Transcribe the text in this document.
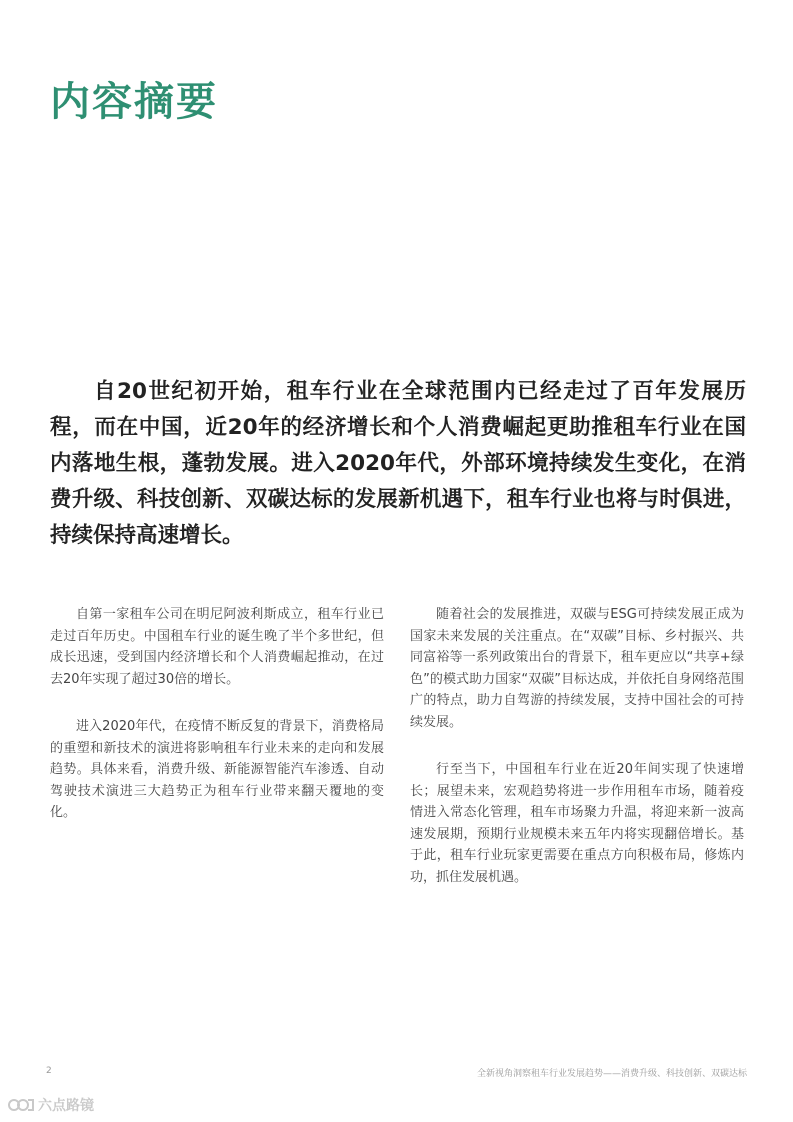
内容摘要

自20世纪初开始，租车行业在全球范围内已经走过了百年发展历程，而在中国，近20年的经济增长和个人消费崛起更助推租车行业在国内落地生根，蓬勃发展。进入2020年代，外部环境持续发生变化，在消费升级、科技创新、双碳达标的发展新机遇下，租车行业也将与时俱进，持续保持高速增长。

自第一家租车公司在明尼阿波利斯成立，租车行业已走过百年历史。中国租车行业的诞生晚了半个多世纪，但成长迅速，受到国内经济增长和个人消费崛起推动，在过去20年实现了超过30倍的增长。

进入2020年代，在疫情不断反复的背景下，消费格局的重塑和新技术的演进将影响租车行业未来的走向和发展趋势。具体来看，消费升级、新能源智能汽车渗透、自动驾驶技术演进三大趋势正为租车行业带来翻天覆地的变化。

随着社会的发展推进，双碳与ESG可持续发展正成为国家未来发展的关注重点。在“双碳”目标、乡村振兴、共同富裕等一系列政策出台的背景下，租车更应以“共享+绿色”的模式助力国家“双碳”目标达成，并依托自身网络范围广的特点，助力自驾游的持续发展，支持中国社会的可持续发展。

行至当下，中国租车行业在近20年间实现了快速增长；展望未来，宏观趋势将进一步作用租车市场，随着疫情进入常态化管理，租车市场聚力升温，将迎来新一波高速发展期，预期行业规模未来五年内将实现翻倍增长。基于此，租车行业玩家更需要在重点方向积极布局，修炼内功，抓住发展机遇。

2	全新视角洞察租车行业发展趋势——消费升级、科技创新、双碳达标
六点路镜
